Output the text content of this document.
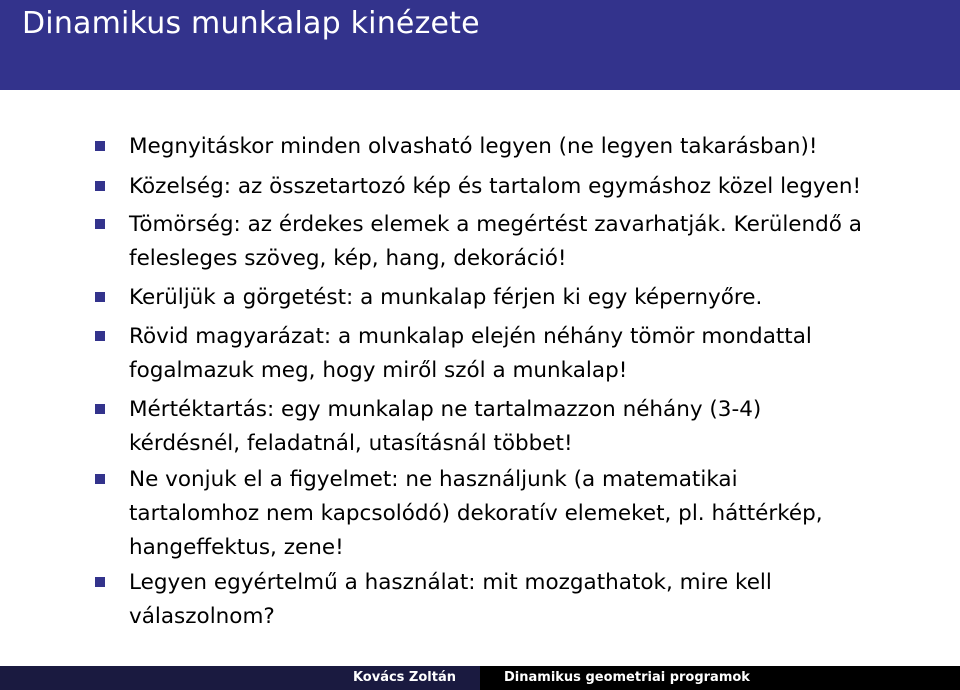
Dinamikus munkalap kinézete
Megnyitáskor minden olvasható legyen (ne legyen takarásban)!
Közelség: az összetartozó kép és tartalom egymáshoz közel legyen!
Tömörség: az érdekes elemek a megértést zavarhatják. Kerülendő a
felesleges szöveg, kép, hang, dekoráció!
Kerüljük a görgetést: a munkalap férjen ki egy képernyőre.
Rövid magyarázat: a munkalap elején néhány tömör mondattal
fogalmazuk meg, hogy miről szól a munkalap!
Mértéktartás: egy munkalap ne tartalmazzon néhány (3-4)
kérdésnél, feladatnál, utasításnál többet!
Ne vonjuk el a figyelmet: ne használjunk (a matematikai
tartalomhoz nem kapcsolódó) dekoratív elemeket, pl. háttérkép,
hangeffektus, zene!
Legyen egyértelmű a használat: mit mozgathatok, mire kell
válaszolnom?
Kovács Zoltán	Dinamikus geometriai programok
